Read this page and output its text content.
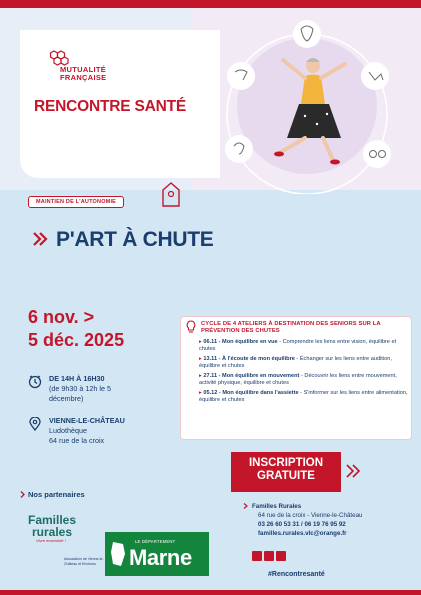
MUTUALITÉ
FRANÇAISE
RENCONTRE SANTÉ
MAINTIEN DE L'AUTONOMIE
P'ART À CHUTE
6 nov. >
5 déc. 2025
DE 14H À 16H30
(de 9h30 à 12h le 5 décembre)
VIENNE-LE-CHÂTEAU
Ludothèque
64 rue de la croix
CYCLE DE 4 ATELIERS À DESTINATION DES SENIORS SUR LA PRÉVENTION DES CHUTES
▸ 06.11 - Mon équilibre en vue - Comprendre les liens entre vision, équilibre et chutes
▸ 13.11 - À l'écoute de mon équilibre - Échanger sur les liens entre audition, équilibre et chutes
▸ 27.11 - Mon équilibre en mouvement - Découvrir les liens entre mouvement, activité physique, équilibre et chutes
▸ 05.12 - Mon équilibre dans l'assiette - S'informer sur les liens entre alimentation, équilibre et chutes
INSCRIPTION
GRATUITE
Familles Rurales
64 rue de la croix - Vienne-le-Château
03 26 60 53 31 / 06 19 76 95 92
familles.rurales.vlc@orange.fr
#Rencontresanté
Nos partenaires
Familles
rurales
Vivre ensemble !
Association de Vienne-le-Château et Environs
LE DÉPARTEMENT
Marne
